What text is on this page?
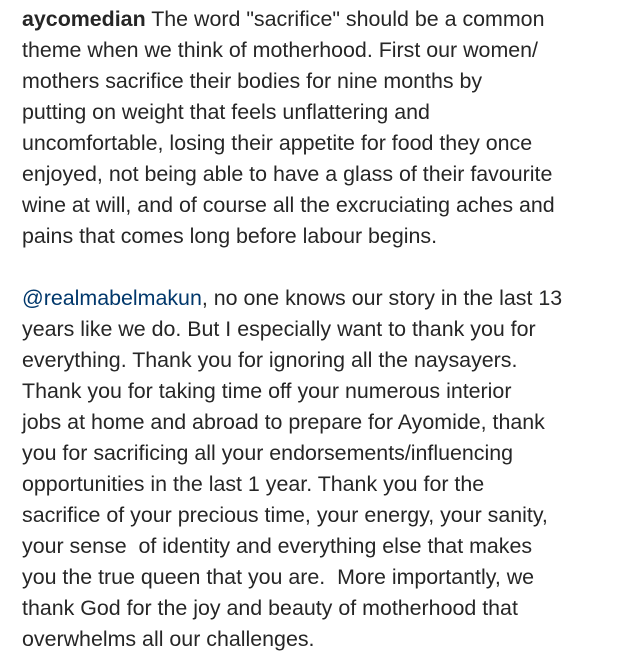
aycomedian The word "sacrifice" should be a common
theme when we think of motherhood. First our women/
mothers sacrifice their bodies for nine months by
putting on weight that feels unflattering and
uncomfortable, losing their appetite for food they once
enjoyed, not being able to have a glass of their favourite
wine at will, and of course all the excruciating aches and
pains that comes long before labour begins.
@realmabelmakun, no one knows our story in the last 13
years like we do. But I especially want to thank you for
everything. Thank you for ignoring all the naysayers.
Thank you for taking time off your numerous interior
jobs at home and abroad to prepare for Ayomide, thank
you for sacrificing all your endorsements/influencing
opportunities in the last 1 year. Thank you for the
sacrifice of your precious time, your energy, your sanity,
your sense  of identity and everything else that makes
you the true queen that you are.  More importantly, we
thank God for the joy and beauty of motherhood that
overwhelms all our challenges.
